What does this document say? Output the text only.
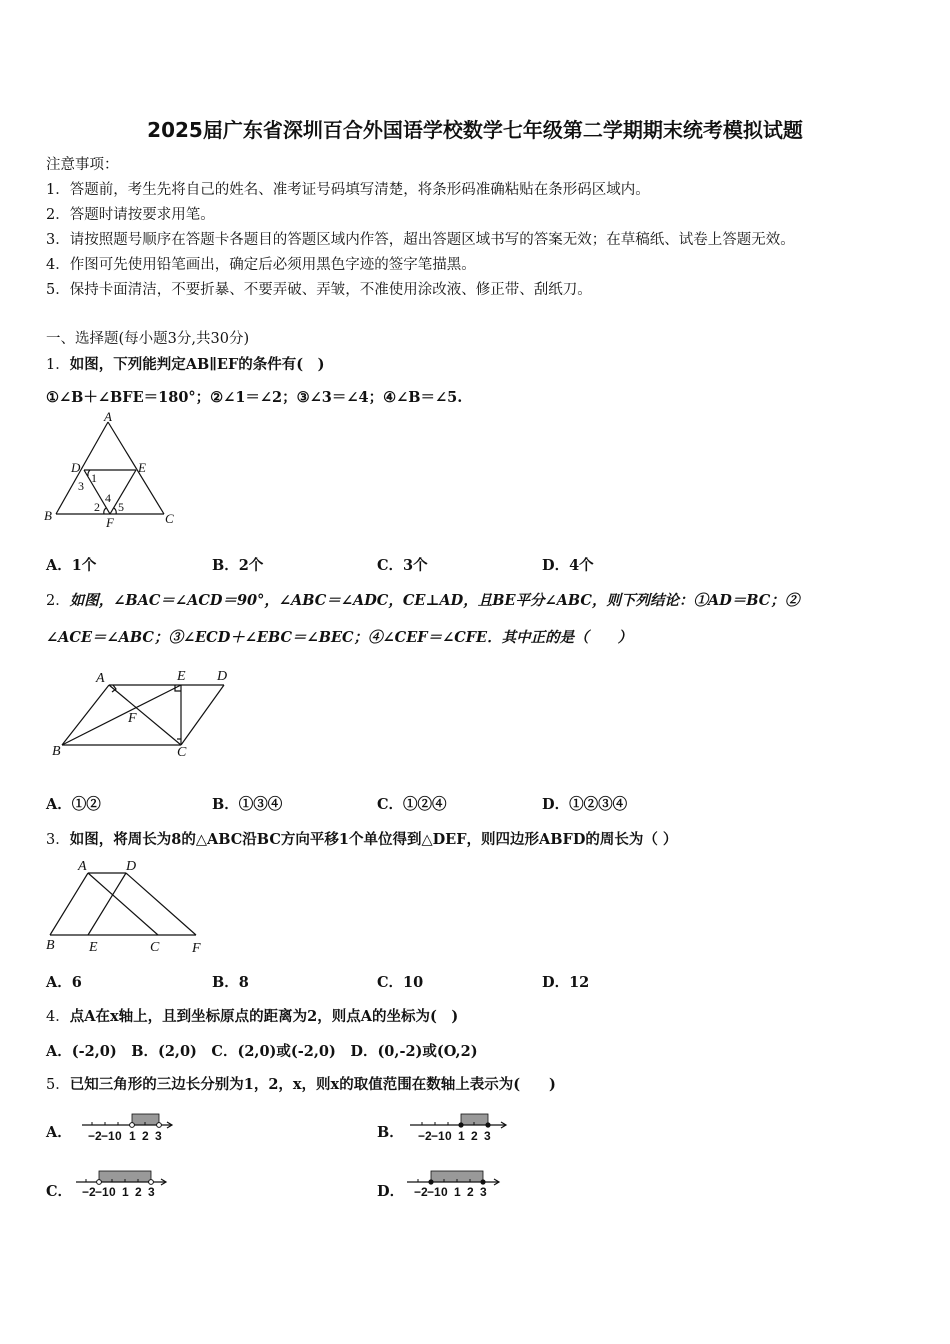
2025届广东省深圳百合外国语学校数学七年级第二学期期末统考模拟试题
注意事项：
1．答题前，考生先将自己的姓名、准考证号码填写清楚，将条形码准确粘贴在条形码区域内。
2．答题时请按要求用笔。
3．请按照题号顺序在答题卡各题目的答题区域内作答，超出答题区域书写的答案无效；在草稿纸、试卷上答题无效。
4．作图可先使用铅笔画出，确定后必须用黑色字迹的签字笔描黑。
5．保持卡面清洁，不要折暴、不要弄破、弄皱，不准使用涂改液、修正带、刮纸刀。
一、选择题(每小题3分,共30分)
1．如图，下列能判定AB∥EF的条件有(　)
①∠B＋∠BFE＝180°；②∠1＝∠2；③∠3＝∠4；④∠B＝∠5.
A
D	E
B	C
F
1
3
4
2 5
A．1个	B．2个	C．3个	D．4个
2．如图，∠BAC＝∠ACD＝90°，∠ABC＝∠ADC，CE⊥AD，且BE平分∠ABC，则下列结论：①AD＝BC；②
∠ACE＝∠ABC；③∠ECD＋∠EBC＝∠BEC；④∠CEF＝∠CFE．其中正的是（　　）
A	E D
F
B	C
A．①②	B．①③④	C．①②④	D．①②③④
3．如图，将周长为8的△ABC沿BC方向平移1个单位得到△DEF，则四边形ABFD的周长为（ ）
A	D
B E	C F
A．6	B．8	C．10	D．12
4．点A在x轴上，且到坐标原点的距离为2，则点A的坐标为(　)
A．(-2,0)　B．(2,0)　C．(2,0)或(-2,0)　D．(0,-2)或(O,2)
5．已知三角形的三边长分别为1，2，x，则x的取值范围在数轴上表示为(　　)
A． −2 −1 0 1 2 3	B． −2 −1 0 1 2 3
C． −2 −1 0 1 2 3	D． −2 −1 0 1 2 3
